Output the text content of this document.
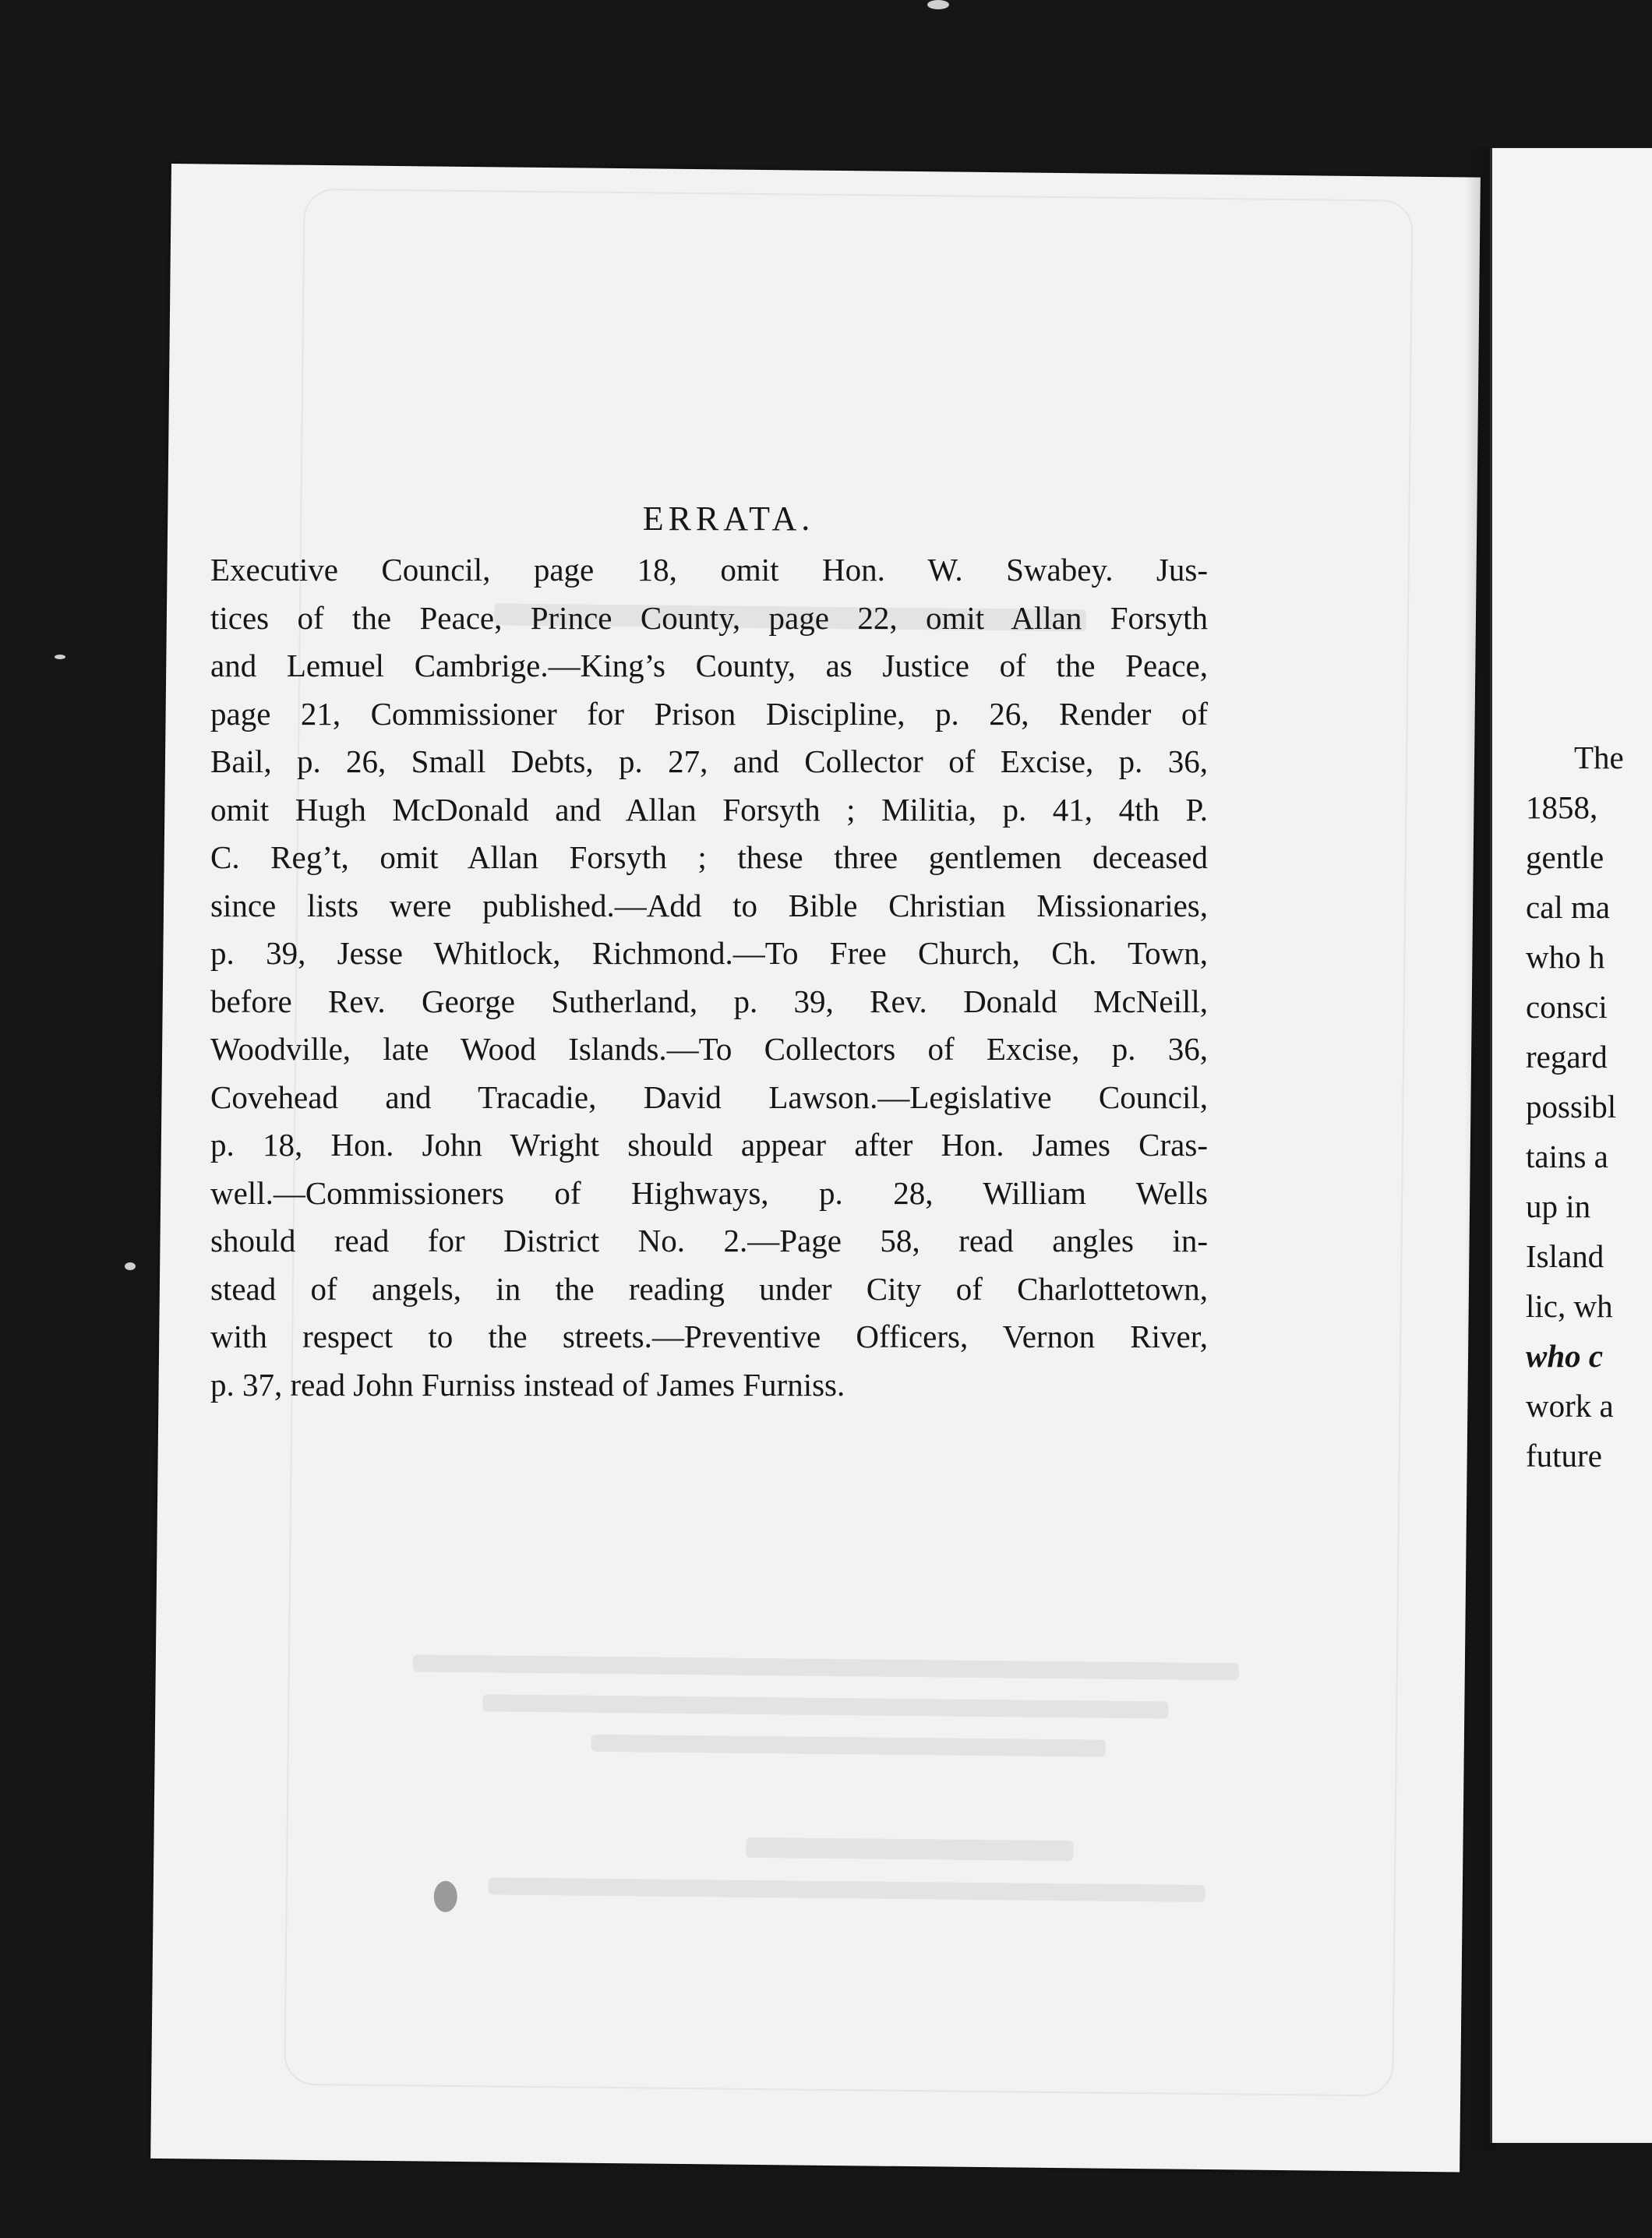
ERRATA.
Executive Council, page 18, omit Hon. W. Swabey. Jus-
tices of the Peace, Prince County, page 22, omit Allan Forsyth
and Lemuel Cambrige.—King’s County, as Justice of the Peace,
page 21, Commissioner for Prison Discipline, p. 26, Render of
Bail, p. 26, Small Debts, p. 27, and Collector of Excise, p. 36,
omit Hugh McDonald and Allan Forsyth ; Militia, p. 41, 4th P.
C. Reg’t, omit Allan Forsyth ; these three gentlemen deceased
since lists were published.—Add to Bible Christian Missionaries,
p. 39, Jesse Whitlock, Richmond.—To Free Church, Ch. Town,
before Rev. George Sutherland, p. 39, Rev. Donald McNeill,
Woodville, late Wood Islands.—To Collectors of Excise, p. 36,
Covehead and Tracadie, David Lawson.—Legislative Council,
p. 18, Hon. John Wright should appear after Hon. James Cras-
well.—Commissioners of Highways, p. 28, William Wells
should read for District No. 2.—Page 58, read angles in-
stead of angels, in the reading under City of Charlottetown,
with respect to the streets.—Preventive Officers, Vernon River,
p. 37, read John Furniss instead of James Furniss.
The
1858,
gentle
cal ma
who h
consci
regard
possibl
tains a
up in
Island
lic, wh
who c
work a
future
